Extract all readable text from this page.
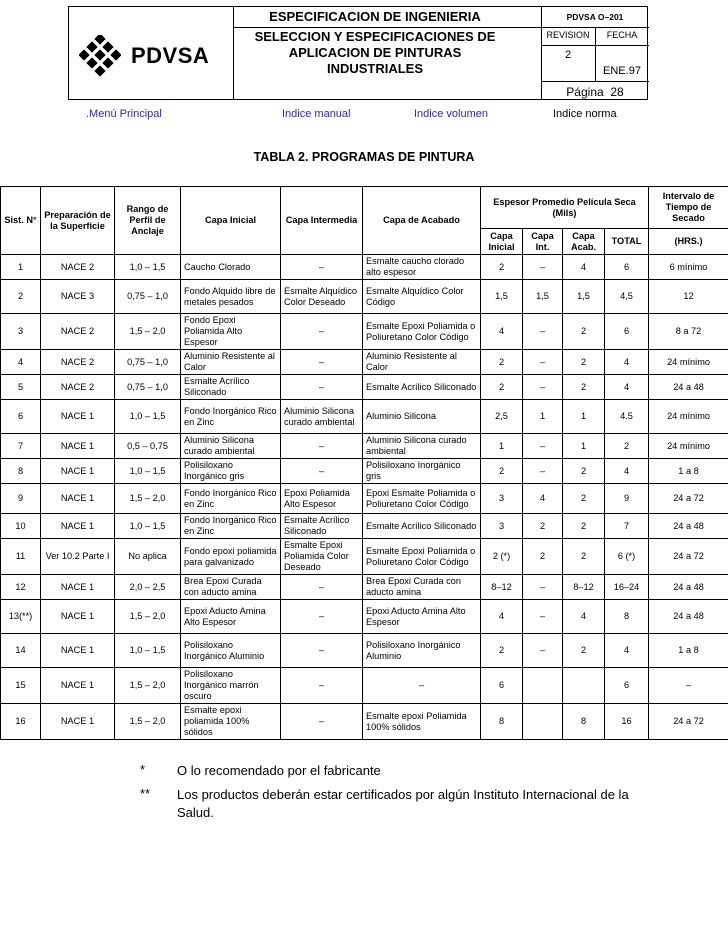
PDVSA
ESPECIFICACION DE INGENIERIA
SELECCION Y ESPECIFICACIONES DE
APLICACION DE PINTURAS
INDUSTRIALES
PDVSA O–201
REVISION	FECHA
2
ENE.97
Página 28
.Menú Principal	Indice manual	Indice volumen	Indice norma
TABLA 2. PROGRAMAS DE PINTURA
Sist. N°	Preparación de la Superficie	Rango de Perfil de Anclaje	Capa Inicial	Capa Intermedia	Capa de Acabado	Espesor Promedio Película Seca (Mils)				Intervalo de Tiempo de Secado
						Capa Inicial	Capa Int.	Capa Acab.	TOTAL	(HRS.)
1	NACE 2	1,0 – 1,5	Caucho Clorado	–	Esmalte caucho clorado alto espesor	2	–	4	6	6 mínimo
2	NACE 3	0,75 – 1,0	Fondo Alquido libre de metales pesados	Esmalte Alquídico Color Deseado	Esmalte Alquídico Color Código	1,5	1,5	1,5	4,5	12
3	NACE 2	1,5 – 2,0	Fondo Epoxi Poliamida Alto Espesor	–	Esmalte Epoxi Poliamida o Poliuretano Color Código	4	–	2	6	8 a 72
4	NACE 2	0,75 – 1,0	Aluminio Resistente al Calor	–	Aluminio Resistente al Calor	2	–	2	4	24 mínimo
5	NACE 2	0,75 – 1,0	Esmalte Acrílico Siliconado	–	Esmalte Acrílico Siliconado	2	–	2	4	24 a 48
6	NACE 1	1,0 – 1,5	Fondo Inorgánico Rico en Zinc	Aluminio Silicona curado ambiental	Aluminio Silicona	2,5	1	1	4.5	24 mínimo
7	NACE 1	0,5 – 0,75	Aluminio Silicona curado ambiental	–	Aluminio Silicona curado ambiental	1	–	1	2	24 mínimo
8	NACE 1	1,0 – 1,5	Polisiloxano Inorgánico gris	–	Polisiloxano Inorgánico gris	2	–	2	4	1 a 8
9	NACE 1	1,5 – 2,0	Fondo Inorgánico Rico en Zinc	Epoxi Poliamida Alto Espesor	Epoxi Esmalte Poliamida o Poliuretano Color Código	3	4	2	9	24 a 72
10	NACE 1	1,0 – 1,5	Fondo Inorgánico Rico en Zinc	Esmalte Acrílico Siliconado	Esmalte Acrílico Siliconado	3	2	2	7	24 a 48
11	Ver 10.2 Parte I	No aplica	Fondo epoxi poliamida para galvanizado	Esmalte Epoxi Poliamida Color Deseado	Esmalte Epoxi Poliamida o Poliuretano Color Código	2 (*)	2	2	6 (*)	24 a 72
12	NACE 1	2,0 – 2,5	Brea Epoxi Curada con aducto amina	–	Brea Epoxi Curada con aducto amina	8–12	–	8–12	16–24	24 a 48
13(**)	NACE 1	1,5 – 2,0	Epoxi Aducto Amina Alto Espesor	–	Epoxi Aducto Amina Alto Espesor	4	–	4	8	24 a 48
14	NACE 1	1,0 – 1,5	Polisiloxano Inorgánico Aluminio	–	Polisiloxano Inorgánico Aluminio	2	–	2	4	1 a 8
15	NACE 1	1,5 – 2,0	Polisiloxano Inorgánico marrón oscuro	–	–	6			6	–
16	NACE 1	1,5 – 2,0	Esmalte epoxi poliamida 100% sólidos	–	Esmalte epoxi Poliamida 100% sólidos	8		8	16	24 a 72
*	O lo recomendado por el fabricante
**	Los productos deberán estar certificados por algún Instituto Internacional de la Salud.
